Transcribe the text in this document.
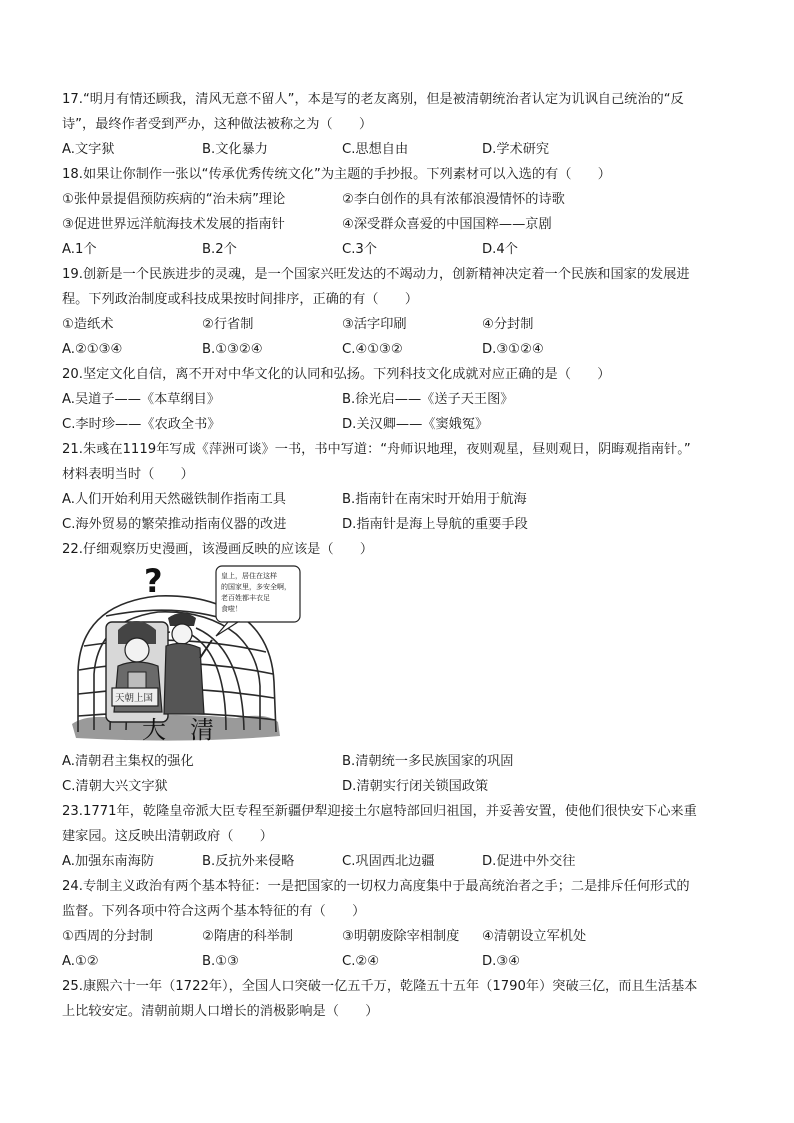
17.“明月有情还顾我，清风无意不留人”，本是写的老友离别，但是被清朝统治者认定为讥讽自己统治的“反
诗”，最终作者受到严办，这种做法被称之为（　　）
A.文字狱	B.文化暴力	C.思想自由	D.学术研究
18.如果让你制作一张以“传承优秀传统文化”为主题的手抄报。下列素材可以入选的有（　　）
①张仲景提倡预防疾病的“治未病”理论	②李白创作的具有浓郁浪漫情怀的诗歌
③促进世界远洋航海技术发展的指南针	④深受群众喜爱的中国国粹——京剧
A.1个	B.2个	C.3个	D.4个
19.创新是一个民族进步的灵魂，是一个国家兴旺发达的不竭动力，创新精神决定着一个民族和国家的发展进
程。下列政治制度或科技成果按时间排序，正确的有（　　）
①造纸术	②行省制	③活字印刷	④分封制
A.②①③④	B.①③②④	C.④①③②	D.③①②④
20.坚定文化自信，离不开对中华文化的认同和弘扬。下列科技文化成就对应正确的是（　　）
A.吴道子——《本草纲目》	B.徐光启——《送子天王图》
C.李时珍——《农政全书》	D.关汉卿——《窦娥冤》
21.朱彧在1119年写成《萍洲可谈》一书，书中写道：“舟师识地理，夜则观星，昼则观日，阴晦观指南针。”
材料表明当时（　　）
A.人们开始利用天然磁铁制作指南工具	B.指南针在南宋时开始用于航海
C.海外贸易的繁荣推动指南仪器的改进	D.指南针是海上导航的重要手段
22.仔细观察历史漫画，该漫画反映的应该是（　　）
?
天朝上国
皇上，居住在这样
的国家里，多安全啊，
老百姓都丰衣足
食啦！
大清
A.清朝君主集权的强化	B.清朝统一多民族国家的巩固
C.清朝大兴文字狱	D.清朝实行闭关锁国政策
23.1771年，乾隆皇帝派大臣专程至新疆伊犁迎接土尔扈特部回归祖国，并妥善安置，使他们很快安下心来重
建家园。这反映出清朝政府（　　）
A.加强东南海防	B.反抗外来侵略	C.巩固西北边疆	D.促进中外交往
24.专制主义政治有两个基本特征：一是把国家的一切权力高度集中于最高统治者之手；二是排斥任何形式的
监督。下列各项中符合这两个基本特征的有（　　）
①西周的分封制	②隋唐的科举制	③明朝废除宰相制度 ④清朝设立军机处
A.①②	B.①③	C.②④	D.③④
25.康熙六十一年（1722年），全国人口突破一亿五千万，乾隆五十五年（1790年）突破三亿，而且生活基本
上比较安定。清朝前期人口增长的消极影响是（　　）
